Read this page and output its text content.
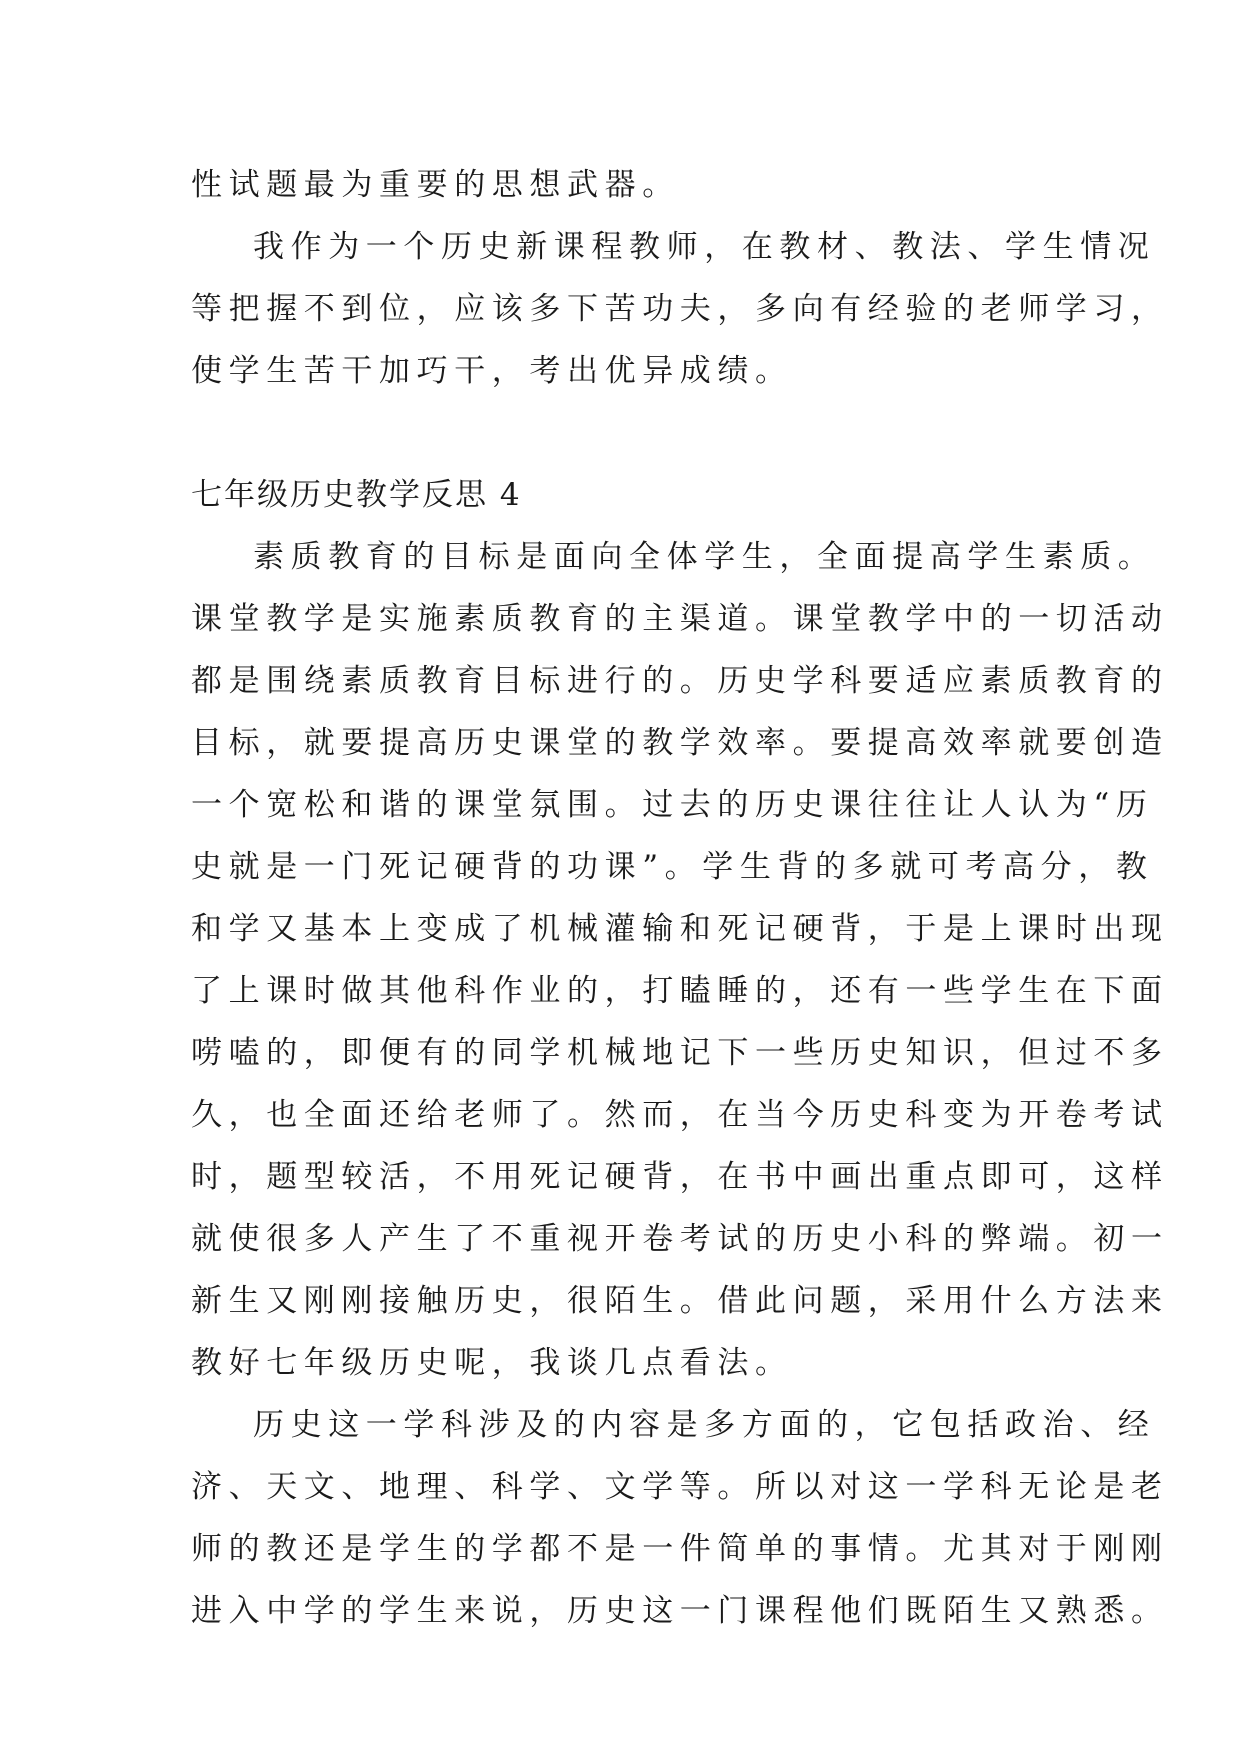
性试题最为重要的思想武器。
我作为一个历史新课程教师，在教材、教法、学生情况
等把握不到位，应该多下苦功夫，多向有经验的老师学习，
使学生苦干加巧干，考出优异成绩。
七年级历史教学反思 4
素质教育的目标是面向全体学生，全面提高学生素质。
课堂教学是实施素质教育的主渠道。课堂教学中的一切活动
都是围绕素质教育目标进行的。历史学科要适应素质教育的
目标，就要提高历史课堂的教学效率。要提高效率就要创造
一个宽松和谐的课堂氛围。过去的历史课往往让人认为“历
史就是一门死记硬背的功课”。学生背的多就可考高分，教
和学又基本上变成了机械灌输和死记硬背，于是上课时出现
了上课时做其他科作业的，打瞌睡的，还有一些学生在下面
唠嗑的，即便有的同学机械地记下一些历史知识，但过不多
久，也全面还给老师了。然而，在当今历史科变为开卷考试
时，题型较活，不用死记硬背，在书中画出重点即可，这样
就使很多人产生了不重视开卷考试的历史小科的弊端。初一
新生又刚刚接触历史，很陌生。借此问题，采用什么方法来
教好七年级历史呢，我谈几点看法。
历史这一学科涉及的内容是多方面的，它包括政治、经
济、天文、地理、科学、文学等。所以对这一学科无论是老
师的教还是学生的学都不是一件简单的事情。尤其对于刚刚
进入中学的学生来说，历史这一门课程他们既陌生又熟悉。
